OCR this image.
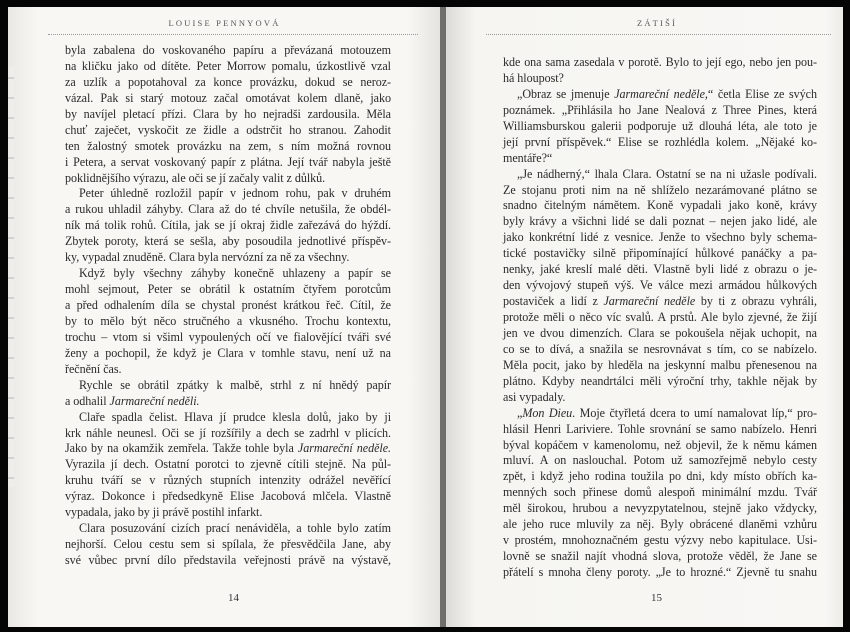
LOUISE PENNYOVÁ
byla zabalena do voskovaného papíru a převázaná motouzem
na kličku jako od dítěte. Peter Morrow pomalu, úzkostlivě vzal
za uzlík a popotahoval za konce provázku, dokud se neroz-
vázal. Pak si starý motouz začal omotávat kolem dlaně, jako
by navíjel pletací přízi. Clara by ho nejradši zardousila. Měla
chuť zaječet, vyskočit ze židle a odstrčit ho stranou. Zahodit
ten žalostný smotek provázku na zem, s ním možná rovnou
i Petera, a servat voskovaný papír z plátna. Její tvář nabyla ještě
poklidnějšího výrazu, ale oči se jí začaly valit z důlků.
Peter úhledně rozložil papír v jednom rohu, pak v druhém
a rukou uhladil záhyby. Clara až do té chvíle netušila, že obdél-
ník má tolik rohů. Cítila, jak se jí okraj židle zařezává do hýždí.
Zbytek poroty, která se sešla, aby posoudila jednotlivé příspěv-
ky, vypadal znuděně. Clara byla nervózní za ně za všechny.
Když byly všechny záhyby konečně uhlazeny a papír se
mohl sejmout, Peter se obrátil k ostatním čtyřem porotcům
a před odhalením díla se chystal pronést krátkou řeč. Cítil, že
by to mělo být něco stručného a vkusného. Trochu kontextu,
trochu – vtom si všiml vypoulených očí ve fialovějící tváři své
ženy a pochopil, že když je Clara v tomhle stavu, není už na
řečnění čas.
Rychle se obrátil zpátky k malbě, strhl z ní hnědý papír
a odhalil Jarmareční neděli.
Claře spadla čelist. Hlava jí prudce klesla dolů, jako by ji
krk náhle neunesl. Oči se jí rozšířily a dech se zadrhl v plicích.
Jako by na okamžik zemřela. Takže tohle byla Jarmareční neděle.
Vyrazila jí dech. Ostatní porotci to zjevně cítili stejně. Na půl-
kruhu tváří se v různých stupních intenzity odrážel nevěřící
výraz. Dokonce i předsedkyně Elise Jacobová mlčela. Vlastně
vypadala, jako by ji právě postihl infarkt.
Clara posuzování cizích prací nenáviděla, a tohle bylo zatím
nejhorší. Celou cestu sem si spílala, že přesvědčila Jane, aby
své vůbec první dílo představila veřejnosti právě na výstavě,
14
ZÁTIŠÍ
kde ona sama zasedala v porotě. Bylo to její ego, nebo jen pou-
há hloupost?
„Obraz se jmenuje Jarmareční neděle,“ četla Elise ze svých
poznámek. „Přihlásila ho Jane Nealová z Three Pines, která
Williamsburskou galerii podporuje už dlouhá léta, ale toto je
její první příspěvek.“ Elise se rozhlédla kolem. „Nějaké ko-
mentáře?“
„Je nádherný,“ lhala Clara. Ostatní se na ni užasle podívali.
Ze stojanu proti nim na ně shlíželo nezarámované plátno se
snadno čitelným námětem. Koně vypadali jako koně, krávy
byly krávy a všichni lidé se dali poznat – nejen jako lidé, ale
jako konkrétní lidé z vesnice. Jenže to všechno byly schema-
tické postavičky silně připomínající hůlkové panáčky a pa-
nenky, jaké kreslí malé děti. Vlastně byli lidé z obrazu o je-
den vývojový stupeň výš. Ve válce mezi armádou hůlkových
postaviček a lidí z Jarmareční neděle by ti z obrazu vyhráli,
protože měli o něco víc svalů. A prstů. Ale bylo zjevné, že žijí
jen ve dvou dimenzích. Clara se pokoušela nějak uchopit, na
co se to dívá, a snažila se nesrovnávat s tím, co se nabízelo.
Měla pocit, jako by hleděla na jeskynní malbu přenesenou na
plátno. Kdyby neandrtálci měli výroční trhy, takhle nějak by
asi vypadaly.
„Mon Dieu. Moje čtyřletá dcera to umí namalovat líp,“ pro-
hlásil Henri Lariviere. Tohle srovnání se samo nabízelo. Henri
býval kopáčem v kamenolomu, než objevil, že k němu kámen
mluví. A on naslouchal. Potom už samozřejmě nebylo cesty
zpět, i když jeho rodina toužila po dni, kdy místo obřích ka-
menných soch přinese domů alespoň minimální mzdu. Tvář
měl širokou, hrubou a nevyzpytatelnou, stejně jako vždycky,
ale jeho ruce mluvily za něj. Byly obrácené dlaněmi vzhůru
v prostém, mnohoznačném gestu výzvy nebo kapitulace. Usi-
lovně se snažil najít vhodná slova, protože věděl, že Jane se
přátelí s mnoha členy poroty. „Je to hrozné.“ Zjevně tu snahu
15
